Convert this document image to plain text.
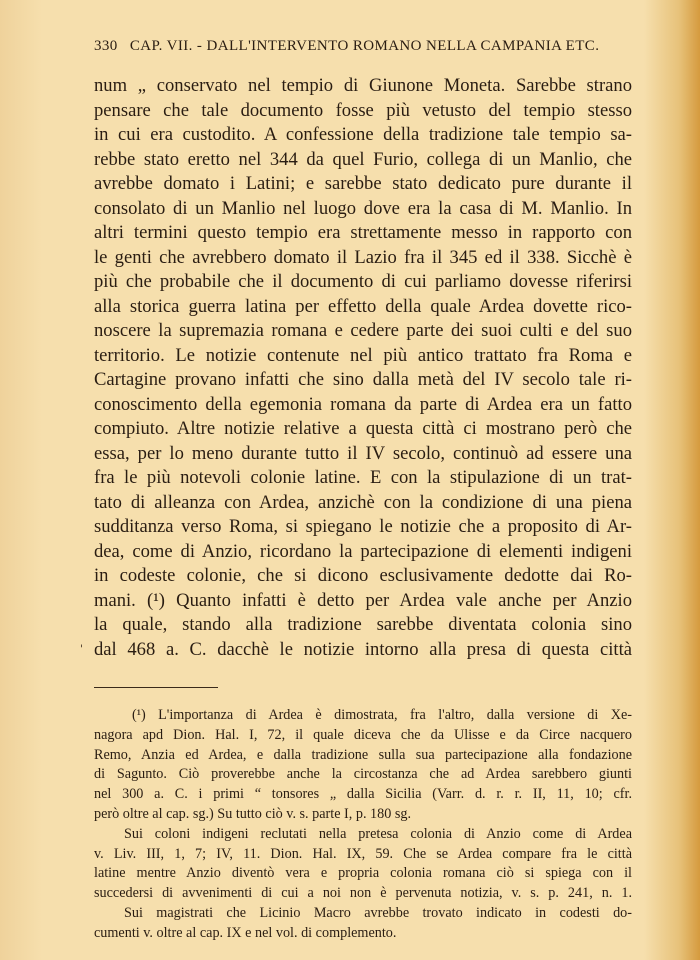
330 CAP. VII. - DALL'INTERVENTO ROMANO NELLA CAMPANIA ETC.
num „ conservato nel tempio di Giunone Moneta. Sarebbe strano
pensare che tale documento fosse più vetusto del tempio stesso
in cui era custodito. A confessione della tradizione tale tempio sa-
rebbe stato eretto nel 344 da quel Furio, collega di un Manlio, che
avrebbe domato i Latini; e sarebbe stato dedicato pure durante il
consolato di un Manlio nel luogo dove era la casa di M. Manlio. In
altri termini questo tempio era strettamente messo in rapporto con
le genti che avrebbero domato il Lazio fra il 345 ed il 338. Sicchè è
più che probabile che il documento di cui parliamo dovesse riferirsi
alla storica guerra latina per effetto della quale Ardea dovette rico-
noscere la supremazia romana e cedere parte dei suoi culti e del suo
territorio. Le notizie contenute nel più antico trattato fra Roma e
Cartagine provano infatti che sino dalla metà del IV secolo tale ri-
conoscimento della egemonia romana da parte di Ardea era un fatto
compiuto. Altre notizie relative a questa città ci mostrano però che
essa, per lo meno durante tutto il IV secolo, continuò ad essere una
fra le più notevoli colonie latine. E con la stipulazione di un trat-
tato di alleanza con Ardea, anzichè con la condizione di una piena
sudditanza verso Roma, si spiegano le notizie che a proposito di Ar-
dea, come di Anzio, ricordano la partecipazione di elementi indigeni
in codeste colonie, che si dicono esclusivamente dedotte dai Ro-
mani. (¹) Quanto infatti è detto per Ardea vale anche per Anzio
la quale, stando alla tradizione sarebbe diventata colonia sino
dal 468 a. C. dacchè le notizie intorno alla presa di questa città
'
(¹) L'importanza di Ardea è dimostrata, fra l'altro, dalla versione di Xe-
nagora apd Dion. Hal. I, 72, il quale diceva che da Ulisse e da Circe nacquero
Remo, Anzia ed Ardea, e dalla tradizione sulla sua partecipazione alla fondazione
di Sagunto. Ciò proverebbe anche la circostanza che ad Ardea sarebbero giunti
nel 300 a. C. i primi “ tonsores „ dalla Sicilia (Varr. d. r. r. II, 11, 10; cfr.
però oltre al cap. sg.) Su tutto ciò v. s. parte I, p. 180 sg.
Sui coloni indigeni reclutati nella pretesa colonia di Anzio come di Ardea
v. Liv. III, 1, 7; IV, 11. Dion. Hal. IX, 59. Che se Ardea compare fra le città
latine mentre Anzio diventò vera e propria colonia romana ciò si spiega con il
succedersi di avvenimenti di cui a noi non è pervenuta notizia, v. s. p. 241, n. 1.
Sui magistrati che Licinio Macro avrebbe trovato indicato in codesti do-
cumenti v. oltre al cap. IX e nel vol. di complemento.
